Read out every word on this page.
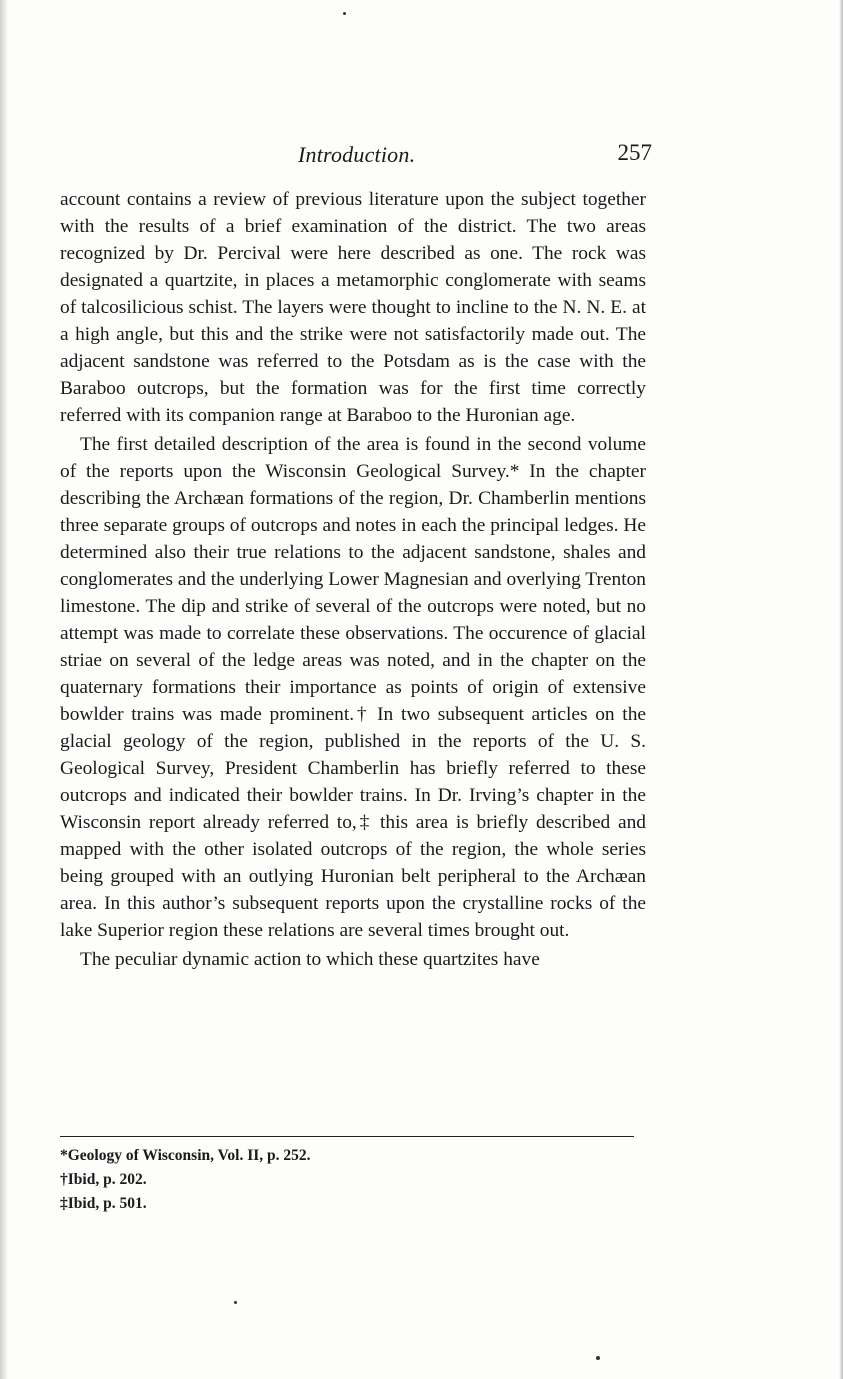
Introduction.	257

account contains a review of previous literature upon the subject together with the results of a brief examination of the district. The two areas recognized by Dr. Percival were here described as one. The rock was designated a quartzite, in places a metamorphic conglomerate with seams of talcosilicious schist. The layers were thought to incline to the N. N. E. at a high angle, but this and the strike were not satisfactorily made out. The adjacent sandstone was referred to the Potsdam as is the case with the Baraboo outcrops, but the formation was for the first time correctly referred with its companion range at Baraboo to the Huronian age.

The first detailed description of the area is found in the second volume of the reports upon the Wisconsin Geological Survey.* In the chapter describing the Archæan formations of the region, Dr. Chamberlin mentions three separate groups of outcrops and notes in each the principal ledges. He determined also their true relations to the adjacent sandstone, shales and conglomerates and the underlying Lower Magnesian and overlying Trenton limestone. The dip and strike of several of the outcrops were noted, but no attempt was made to correlate these observations. The occurence of glacial striae on several of the ledge areas was noted, and in the chapter on the quaternary formations their importance as points of origin of extensive bowlder trains was made prominent.† In two subsequent articles on the glacial geology of the region, published in the reports of the U. S. Geological Survey, President Chamberlin has briefly referred to these outcrops and indicated their bowlder trains. In Dr. Irving’s chapter in the Wisconsin report already referred to,‡ this area is briefly described and mapped with the other isolated outcrops of the region, the whole series being grouped with an outlying Huronian belt peripheral to the Archæan area. In this author’s subsequent reports upon the crystalline rocks of the lake Superior region these relations are several times brought out.

The peculiar dynamic action to which these quartzites have

*Geology of Wisconsin, Vol. II, p. 252.
†Ibid, p. 202.
‡Ibid, p. 501.
